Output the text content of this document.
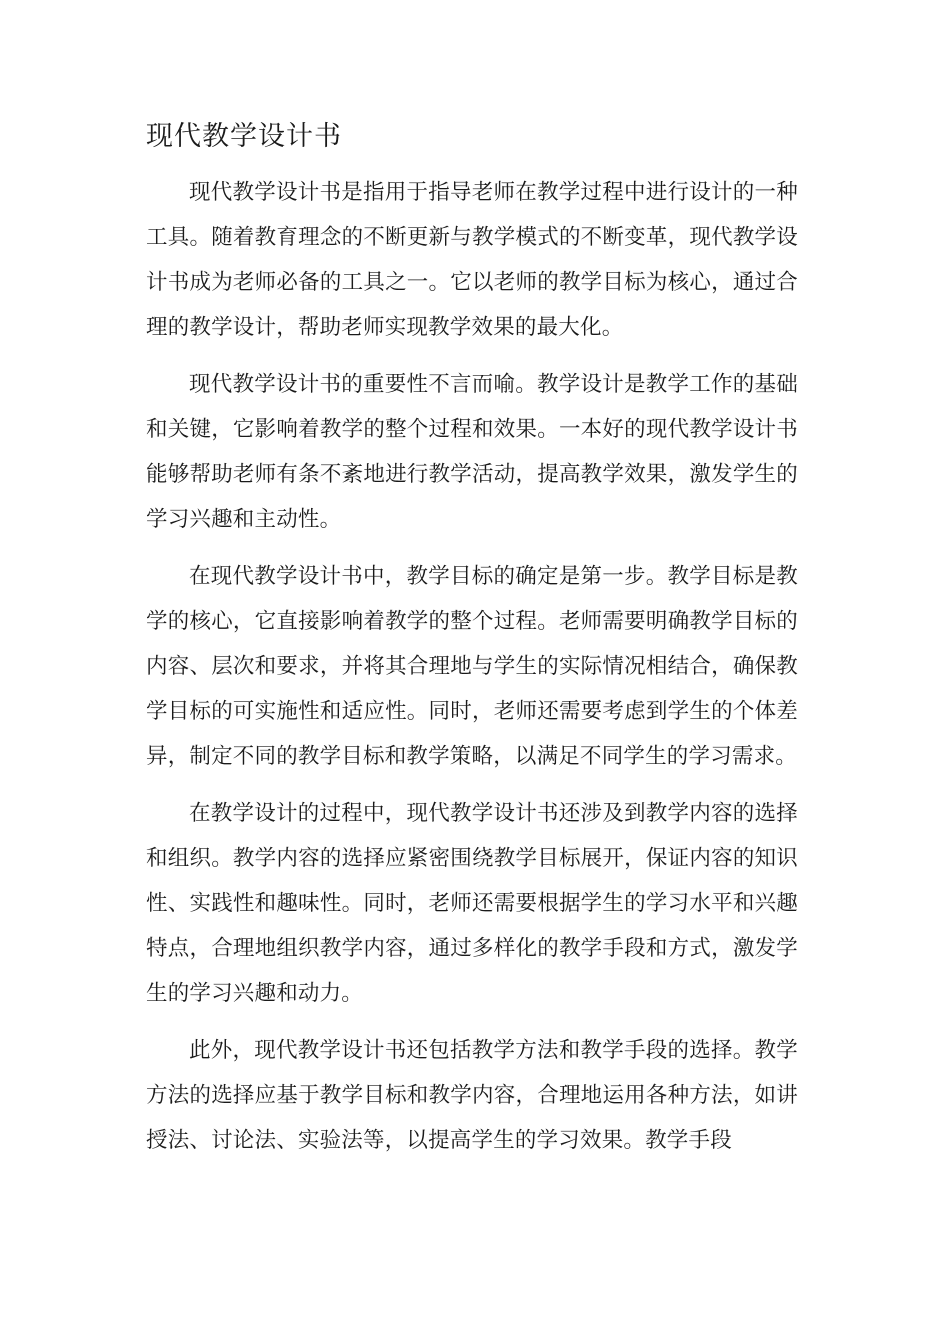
现代教学设计书

现代教学设计书是指用于指导老师在教学过程中进行设计的一种工具。随着教育理念的不断更新与教学模式的不断变革，现代教学设计书成为老师必备的工具之一。它以老师的教学目标为核心，通过合理的教学设计，帮助老师实现教学效果的最大化。

现代教学设计书的重要性不言而喻。教学设计是教学工作的基础和关键，它影响着教学的整个过程和效果。一本好的现代教学设计书能够帮助老师有条不紊地进行教学活动，提高教学效果，激发学生的学习兴趣和主动性。

在现代教学设计书中，教学目标的确定是第一步。教学目标是教学的核心，它直接影响着教学的整个过程。老师需要明确教学目标的内容、层次和要求，并将其合理地与学生的实际情况相结合，确保教学目标的可实施性和适应性。同时，老师还需要考虑到学生的个体差异，制定不同的教学目标和教学策略，以满足不同学生的学习需求。

在教学设计的过程中，现代教学设计书还涉及到教学内容的选择和组织。教学内容的选择应紧密围绕教学目标展开，保证内容的知识性、实践性和趣味性。同时，老师还需要根据学生的学习水平和兴趣特点，合理地组织教学内容，通过多样化的教学手段和方式，激发学生的学习兴趣和动力。

此外，现代教学设计书还包括教学方法和教学手段的选择。教学方法的选择应基于教学目标和教学内容，合理地运用各种方法，如讲授法、讨论法、实验法等，以提高学生的学习效果。教学手段
